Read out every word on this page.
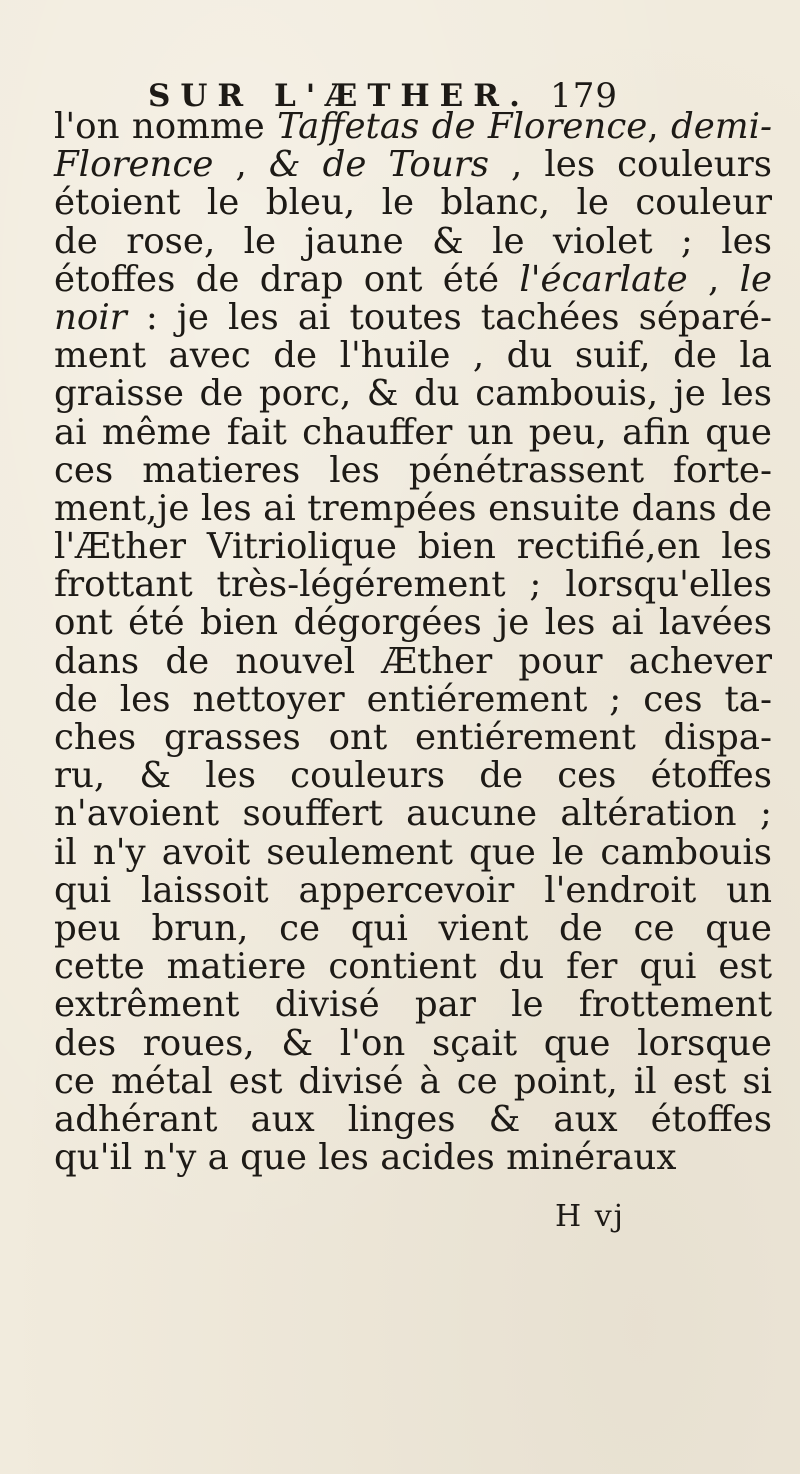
SUR L'ÆTHER. 179
l'on nomme Taffetas de Florence, demi-
Florence , & de Tours , les couleurs
étoient le bleu, le blanc, le couleur
de rose, le jaune & le violet ; les
étoffes de drap ont été l'écarlate , le
noir : je les ai toutes tachées séparé-
ment avec de l'huile , du suif, de la
graisse de porc, & du cambouis, je les
ai même fait chauffer un peu, afin que
ces matieres les pénétrassent forte-
ment,je les ai trempées ensuite dans de
l'Æther Vitriolique bien rectifié,en les
frottant très-légérement ; lorsqu'elles
ont été bien dégorgées je les ai lavées
dans de nouvel Æther pour achever
de les nettoyer entiérement ; ces ta-
ches grasses ont entiérement dispa-
ru, & les couleurs de ces étoffes
n'avoient souffert aucune altération ;
il n'y avoit seulement que le cambouis
qui laissoit appercevoir l'endroit un
peu brun, ce qui vient de ce que
cette matiere contient du fer qui est
extrêment divisé par le frottement
des roues, & l'on sçait que lorsque
ce métal est divisé à ce point, il est si
adhérant aux linges & aux étoffes
qu'il n'y a que les acides minéraux
H vj
